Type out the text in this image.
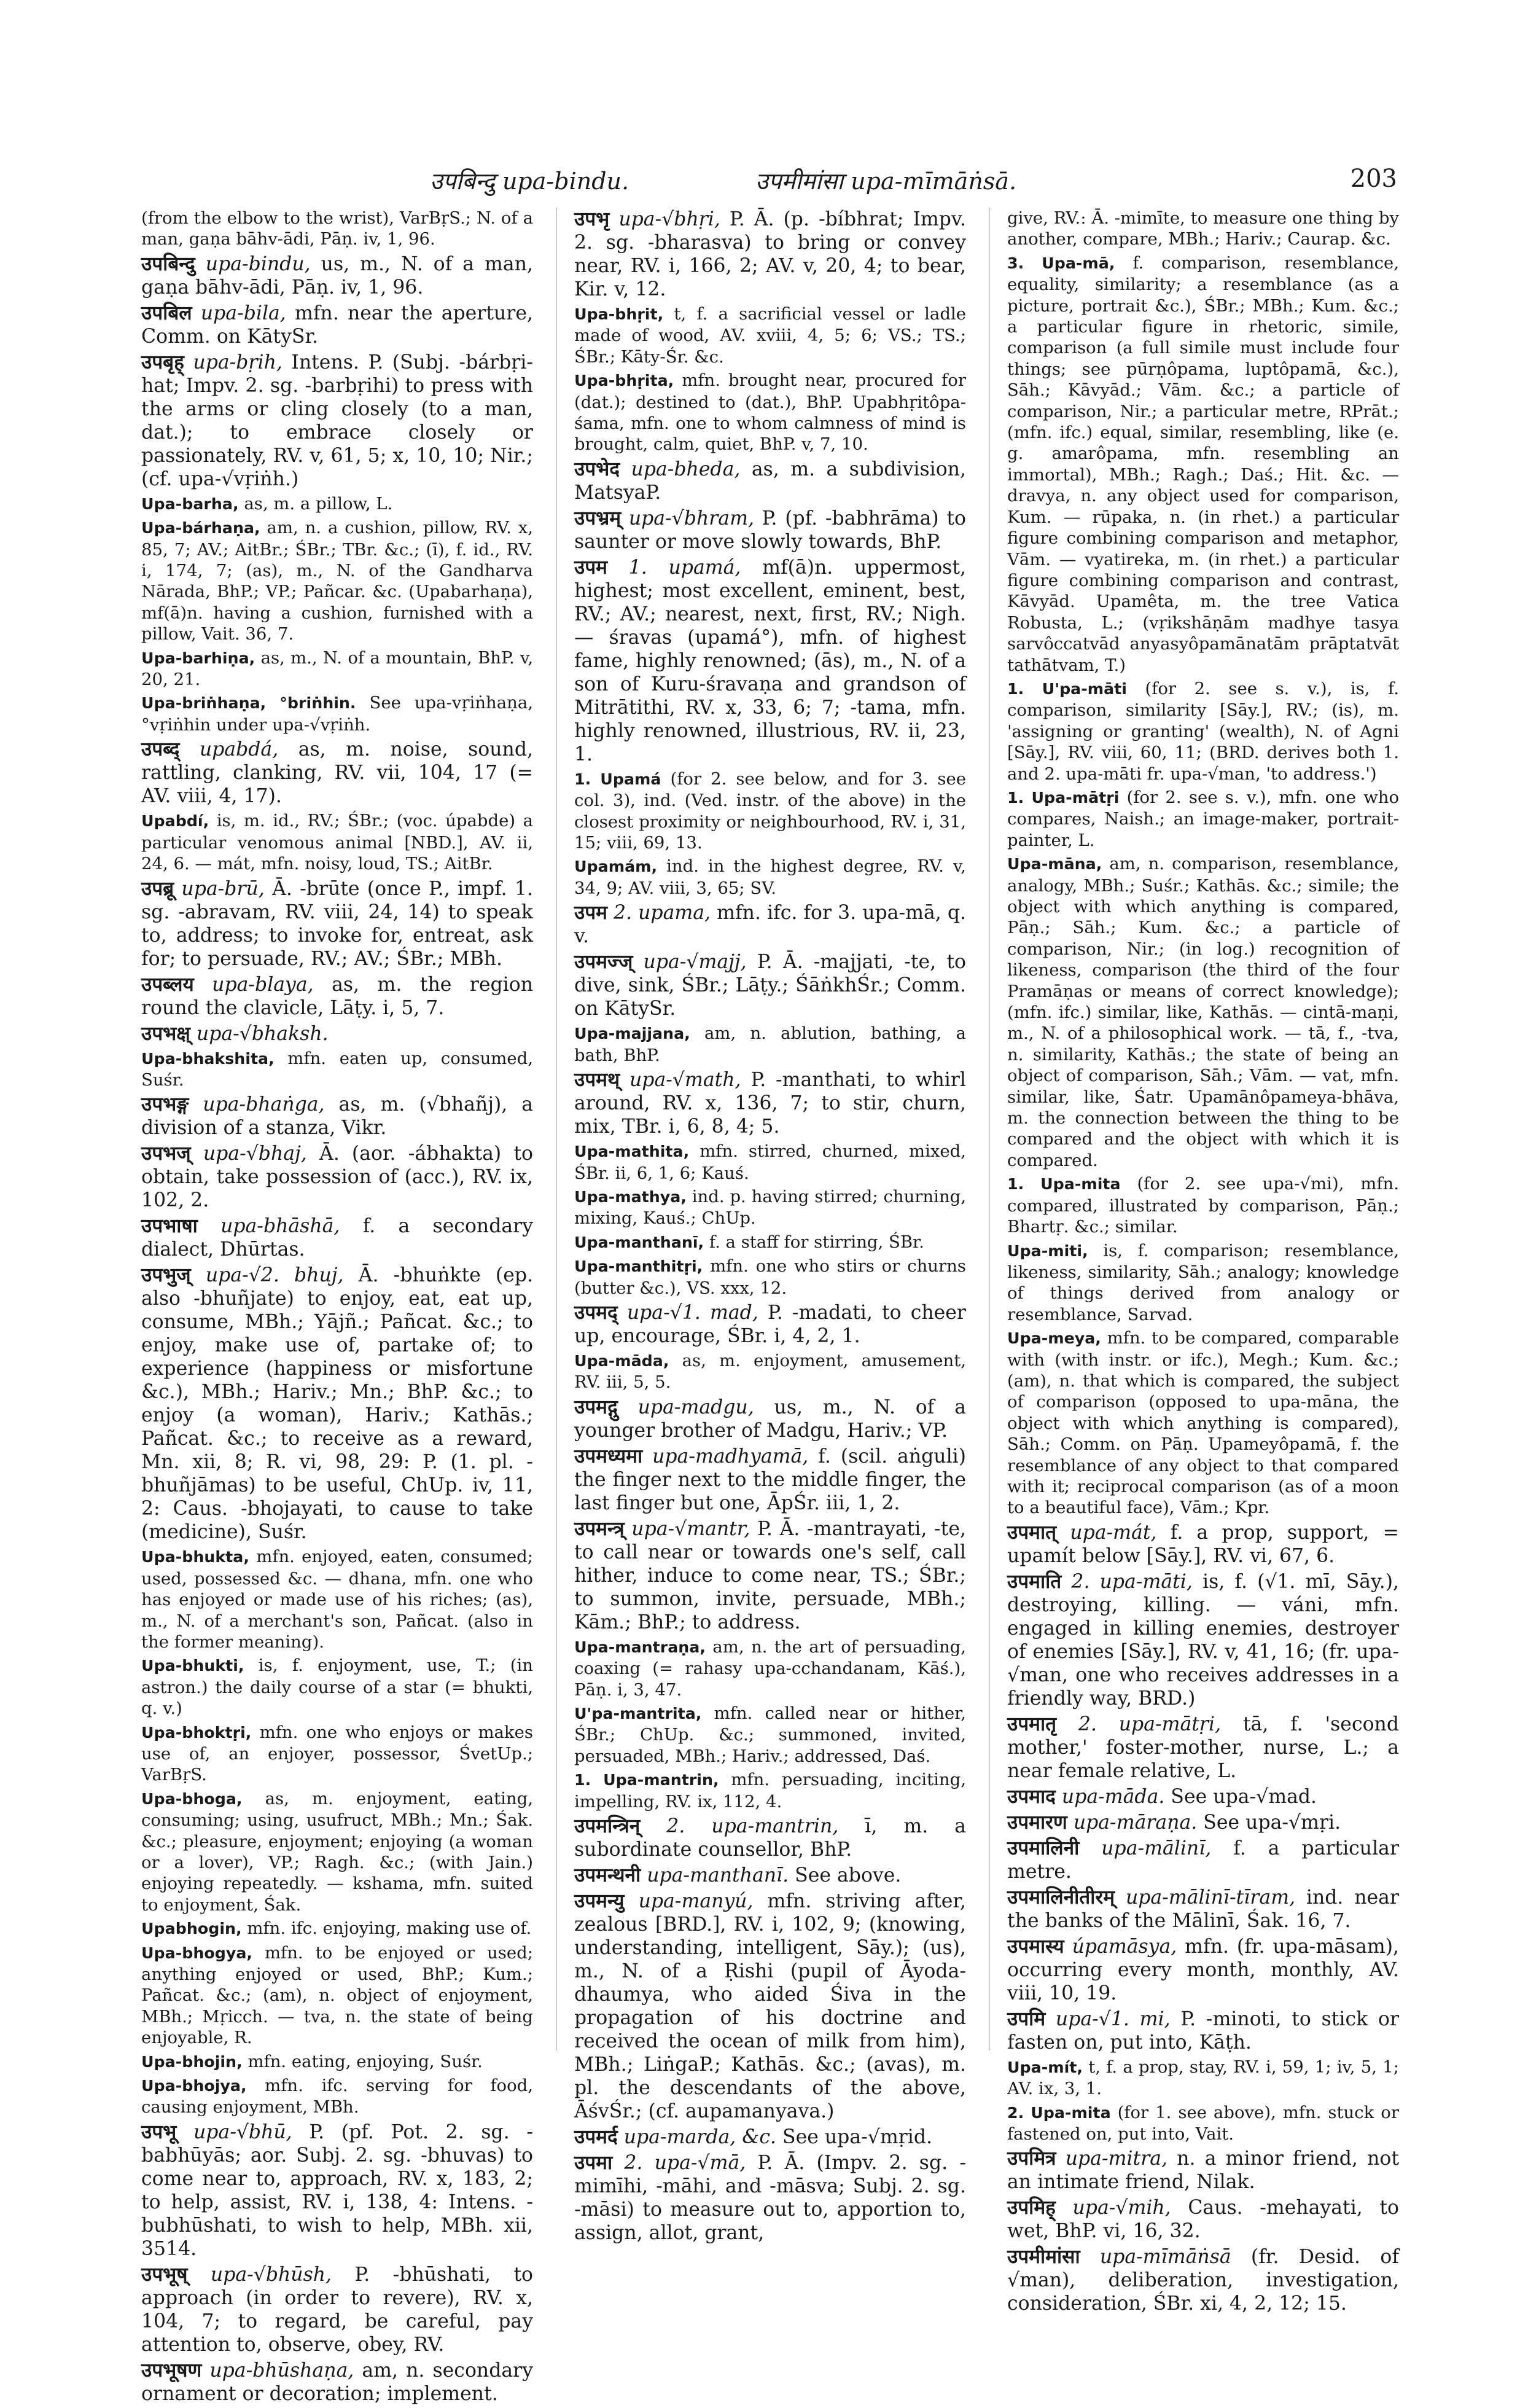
उपबिन्दु upa-bindu.	उपमीमांसा upa-mīmāṅsā.	203
(from the elbow to the wrist), VarBṛS.; N. of a man, gaṇa bāhv-ādi, Pāṇ. iv, 1, 96.
उपबिन्दु upa-bindu, us, m., N. of a man, gaṇa bāhv-ādi, Pāṇ. iv, 1, 96.
उपबिल upa-bila, mfn. near the aperture, Comm. on KātySr.
उपबृह् upa-bṛih, Intens. P. (Subj. -bárbṛi-hat; Impv. 2. sg. -barbṛihi) to press with the arms or cling closely (to a man, dat.); to embrace closely or passionately, RV. v, 61, 5; x, 10, 10; Nir.; (cf. upa-√vṛiṅh.)
Upa-barha, as, m. a pillow, L.
Upa-bárhaṇa, am, n. a cushion, pillow, RV. x, 85, 7; AV.; AitBr.; ŚBr.; TBr. &c.; (ī), f. id., RV. i, 174, 7; (as), m., N. of the Gandharva Nārada, BhP.; VP.; Pañcar. &c. (Upabarhaṇa), mf(ā)n. having a cushion, furnished with a pillow, Vait. 36, 7.
Upa-barhiṇa, as, m., N. of a mountain, BhP. v, 20, 21.
Upa-briṅhaṇa, °briṅhin. See upa-vṛiṅhaṇa, °vṛiṅhin under upa-√vṛiṅh.
उपब्द् upabdá, as, m. noise, sound, rattling, clanking, RV. vii, 104, 17 (= AV. viii, 4, 17).
Upabdí, is, m. id., RV.; ŚBr.; (voc. úpabde) a particular venomous animal [NBD.], AV. ii, 24, 6. — mát, mfn. noisy, loud, TS.; AitBr.
उपब्रू upa-brū, Ā. -brūte (once P., impf. 1. sg. -abravam, RV. viii, 24, 14) to speak to, address; to invoke for, entreat, ask for; to persuade, RV.; AV.; ŚBr.; MBh.
उपब्लय upa-blaya, as, m. the region round the clavicle, Lāṭy. i, 5, 7.
उपभक्ष् upa-√bhaksh.
Upa-bhakshita, mfn. eaten up, consumed, Suśr.
उपभङ्ग upa-bhaṅga, as, m. (√bhañj), a division of a stanza, Vikr.
उपभज् upa-√bhaj, Ā. (aor. -ábhakta) to obtain, take possession of (acc.), RV. ix, 102, 2.
उपभाषा upa-bhāshā, f. a secondary dialect, Dhūrtas.
उपभुज् upa-√2. bhuj, Ā. -bhuṅkte (ep. also -bhuñjate) to enjoy, eat, eat up, consume, MBh.; Yājñ.; Pañcat. &c.; to enjoy, make use of, partake of; to experience (happiness or misfortune &c.), MBh.; Hariv.; Mn.; BhP. &c.; to enjoy (a woman), Hariv.; Kathās.; Pañcat. &c.; to receive as a reward, Mn. xii, 8; R. vi, 98, 29: P. (1. pl. -bhuñjāmas) to be useful, ChUp. iv, 11, 2: Caus. -bhojayati, to cause to take (medicine), Suśr.
Upa-bhukta, mfn. enjoyed, eaten, consumed; used, possessed &c. — dhana, mfn. one who has enjoyed or made use of his riches; (as), m., N. of a merchant's son, Pañcat. (also in the former meaning).
Upa-bhukti, is, f. enjoyment, use, T.; (in astron.) the daily course of a star (= bhukti, q. v.)
Upa-bhoktṛi, mfn. one who enjoys or makes use of, an enjoyer, possessor, ŚvetUp.; VarBṛS.
Upa-bhoga, as, m. enjoyment, eating, consuming; using, usufruct, MBh.; Mn.; Śak. &c.; pleasure, enjoyment; enjoying (a woman or a lover), VP.; Ragh. &c.; (with Jain.) enjoying repeatedly. — kshama, mfn. suited to enjoyment, Śak.
Upabhogin, mfn. ifc. enjoying, making use of.
Upa-bhogya, mfn. to be enjoyed or used; anything enjoyed or used, BhP.; Kum.; Pañcat. &c.; (am), n. object of enjoyment, MBh.; Mṛicch. — tva, n. the state of being enjoyable, R.
Upa-bhojin, mfn. eating, enjoying, Suśr.
Upa-bhojya, mfn. ifc. serving for food, causing enjoyment, MBh.
उपभू upa-√bhū, P. (pf. Pot. 2. sg. -babhūyās; aor. Subj. 2. sg. -bhuvas) to come near to, approach, RV. x, 183, 2; to help, assist, RV. i, 138, 4: Intens. -bubhūshati, to wish to help, MBh. xii, 3514.
उपभूष् upa-√bhūsh, P. -bhūshati, to approach (in order to revere), RV. x, 104, 7; to regard, be careful, pay attention to, observe, obey, RV.
उपभूषण upa-bhūshaṇa, am, n. secondary ornament or decoration; implement.
उपभृ upa-√bhṛi, P. Ā. (p. -bíbhrat; Impv. 2. sg. -bharasva) to bring or convey near, RV. i, 166, 2; AV. v, 20, 4; to bear, Kir. v, 12.
Upa-bhṛit, t, f. a sacrificial vessel or ladle made of wood, AV. xviii, 4, 5; 6; VS.; TS.; ŚBr.; Kāty-Śr. &c.
Upa-bhṛita, mfn. brought near, procured for (dat.); destined to (dat.), BhP. Upabhṛitôpa-śama, mfn. one to whom calmness of mind is brought, calm, quiet, BhP. v, 7, 10.
उपभेद upa-bheda, as, m. a subdivision, MatsyaP.
उपभ्रम् upa-√bhram, P. (pf. -babhrāma) to saunter or move slowly towards, BhP.
उपम 1. upamá, mf(ā)n. uppermost, highest; most excellent, eminent, best, RV.; AV.; nearest, next, first, RV.; Nigh. — śravas (upamá°), mfn. of highest fame, highly renowned; (ās), m., N. of a son of Kuru-śravaṇa and grandson of Mitrātithi, RV. x, 33, 6; 7; -tama, mfn. highly renowned, illustrious, RV. ii, 23, 1.
1. Upamá (for 2. see below, and for 3. see col. 3), ind. (Ved. instr. of the above) in the closest proximity or neighbourhood, RV. i, 31, 15; viii, 69, 13.
Upamám, ind. in the highest degree, RV. v, 34, 9; AV. viii, 3, 65; SV.
उपम 2. upama, mfn. ifc. for 3. upa-mā, q. v.
उपमज्ज् upa-√majj, P. Ā. -majjati, -te, to dive, sink, ŚBr.; Lāṭy.; ŚāṅkhŚr.; Comm. on KātySr.
Upa-majjana, am, n. ablution, bathing, a bath, BhP.
उपमथ् upa-√math, P. -manthati, to whirl around, RV. x, 136, 7; to stir, churn, mix, TBr. i, 6, 8, 4; 5.
Upa-mathita, mfn. stirred, churned, mixed, ŚBr. ii, 6, 1, 6; Kauś.
Upa-mathya, ind. p. having stirred; churning, mixing, Kauś.; ChUp.
Upa-manthanī, f. a staff for stirring, ŚBr.
Upa-manthitṛi, mfn. one who stirs or churns (butter &c.), VS. xxx, 12.
उपमद् upa-√1. mad, P. -madati, to cheer up, encourage, ŚBr. i, 4, 2, 1.
Upa-māda, as, m. enjoyment, amusement, RV. iii, 5, 5.
उपमद्गु upa-madgu, us, m., N. of a younger brother of Madgu, Hariv.; VP.
उपमध्यमा upa-madhyamā, f. (scil. aṅguli) the finger next to the middle finger, the last finger but one, ĀpŚr. iii, 1, 2.
उपमन्त्र् upa-√mantr, P. Ā. -mantrayati, -te, to call near or towards one's self, call hither, induce to come near, TS.; ŚBr.; to summon, invite, persuade, MBh.; Kām.; BhP.; to address.
Upa-mantraṇa, am, n. the art of persuading, coaxing (= rahasy upa-cchandanam, Kāś.), Pāṇ. i, 3, 47.
U'pa-mantrita, mfn. called near or hither, ŚBr.; ChUp. &c.; summoned, invited, persuaded, MBh.; Hariv.; addressed, Daś.
1. Upa-mantrin, mfn. persuading, inciting, impelling, RV. ix, 112, 4.
उपमन्त्रिन् 2. upa-mantrin, ī, m. a subordinate counsellor, BhP.
उपमन्थनी upa-manthanī. See above.
उपमन्यु upa-manyú, mfn. striving after, zealous [BRD.], RV. i, 102, 9; (knowing, understanding, intelligent, Sāy.); (us), m., N. of a Ṛishi (pupil of Āyoda-dhaumya, who aided Śiva in the propagation of his doctrine and received the ocean of milk from him), MBh.; LiṅgaP.; Kathās. &c.; (avas), m. pl. the descendants of the above, ĀśvŚr.; (cf. aupamanyava.)
उपमर्द upa-marda, &c. See upa-√mṛid.
उपमा 2. upa-√mā, P. Ā. (Impv. 2. sg. -mimīhi, -māhi, and -māsva; Subj. 2. sg. -māsi) to measure out to, apportion to, assign, allot, grant,
give, RV.: Ā. -mimīte, to measure one thing by another, compare, MBh.; Hariv.; Caurap. &c.
3. Upa-mā, f. comparison, resemblance, equality, similarity; a resemblance (as a picture, portrait &c.), ŚBr.; MBh.; Kum. &c.; a particular figure in rhetoric, simile, comparison (a full simile must include four things; see pūrṇôpama, luptôpamā, &c.), Sāh.; Kāvyād.; Vām. &c.; a particle of comparison, Nir.; a particular metre, RPrāt.; (mfn. ifc.) equal, similar, resembling, like (e. g. amarôpama, mfn. resembling an immortal), MBh.; Ragh.; Daś.; Hit. &c. — dravya, n. any object used for comparison, Kum. — rūpaka, n. (in rhet.) a particular figure combining comparison and metaphor, Vām. — vyatireka, m. (in rhet.) a particular figure combining comparison and contrast, Kāvyād. Upamêta, m. the tree Vatica Robusta, L.; (vṛikshāṇām madhye tasya sarvôccatvād anyasyôpamānatām prāptatvāt tathātvam, T.)
1. U'pa-māti (for 2. see s. v.), is, f. comparison, similarity [Sāy.], RV.; (is), m. 'assigning or granting' (wealth), N. of Agni [Sāy.], RV. viii, 60, 11; (BRD. derives both 1. and 2. upa-māti fr. upa-√man, 'to address.')
1. Upa-mātṛi (for 2. see s. v.), mfn. one who compares, Naish.; an image-maker, portrait-painter, L.
Upa-māna, am, n. comparison, resemblance, analogy, MBh.; Suśr.; Kathās. &c.; simile; the object with which anything is compared, Pāṇ.; Sāh.; Kum. &c.; a particle of comparison, Nir.; (in log.) recognition of likeness, comparison (the third of the four Pramāṇas or means of correct knowledge); (mfn. ifc.) similar, like, Kathās. — cintā-maṇi, m., N. of a philosophical work. — tā, f., -tva, n. similarity, Kathās.; the state of being an object of comparison, Sāh.; Vām. — vat, mfn. similar, like, Śatr. Upamānôpameya-bhāva, m. the connection between the thing to be compared and the object with which it is compared.
1. Upa-mita (for 2. see upa-√mi), mfn. compared, illustrated by comparison, Pāṇ.; Bhartṛ. &c.; similar.
Upa-miti, is, f. comparison; resemblance, likeness, similarity, Sāh.; analogy; knowledge of things derived from analogy or resemblance, Sarvad.
Upa-meya, mfn. to be compared, comparable with (with instr. or ifc.), Megh.; Kum. &c.; (am), n. that which is compared, the subject of comparison (opposed to upa-māna, the object with which anything is compared), Sāh.; Comm. on Pāṇ. Upameyôpamā, f. the resemblance of any object to that compared with it; reciprocal comparison (as of a moon to a beautiful face), Vām.; Kpr.
उपमात् upa-mát, f. a prop, support, = upamít below [Sāy.], RV. vi, 67, 6.
उपमाति 2. upa-māti, is, f. (√1. mī, Sāy.), destroying, killing. — váni, mfn. engaged in killing enemies, destroyer of enemies [Sāy.], RV. v, 41, 16; (fr. upa-√man, one who receives addresses in a friendly way, BRD.)
उपमातृ 2. upa-mātṛi, tā, f. 'second mother,' foster-mother, nurse, L.; a near female relative, L.
उपमाद upa-māda. See upa-√mad.
उपमारण upa-māraṇa. See upa-√mṛi.
उपमालिनी upa-mālinī, f. a particular metre.
उपमालिनीतीरम् upa-mālinī-tīram, ind. near the banks of the Mālinī, Śak. 16, 7.
उपमास्य úpamāsya, mfn. (fr. upa-māsam), occurring every month, monthly, AV. viii, 10, 19.
उपमि upa-√1. mi, P. -minoti, to stick or fasten on, put into, Kāṭh.
Upa-mít, t, f. a prop, stay, RV. i, 59, 1; iv, 5, 1; AV. ix, 3, 1.
2. Upa-mita (for 1. see above), mfn. stuck or fastened on, put into, Vait.
उपमित्र upa-mitra, n. a minor friend, not an intimate friend, Nilak.
उपमिह् upa-√mih, Caus. -mehayati, to wet, BhP. vi, 16, 32.
उपमीमांसा upa-mīmāṅsā (fr. Desid. of √man), deliberation, investigation, consideration, ŚBr. xi, 4, 2, 12; 15.
